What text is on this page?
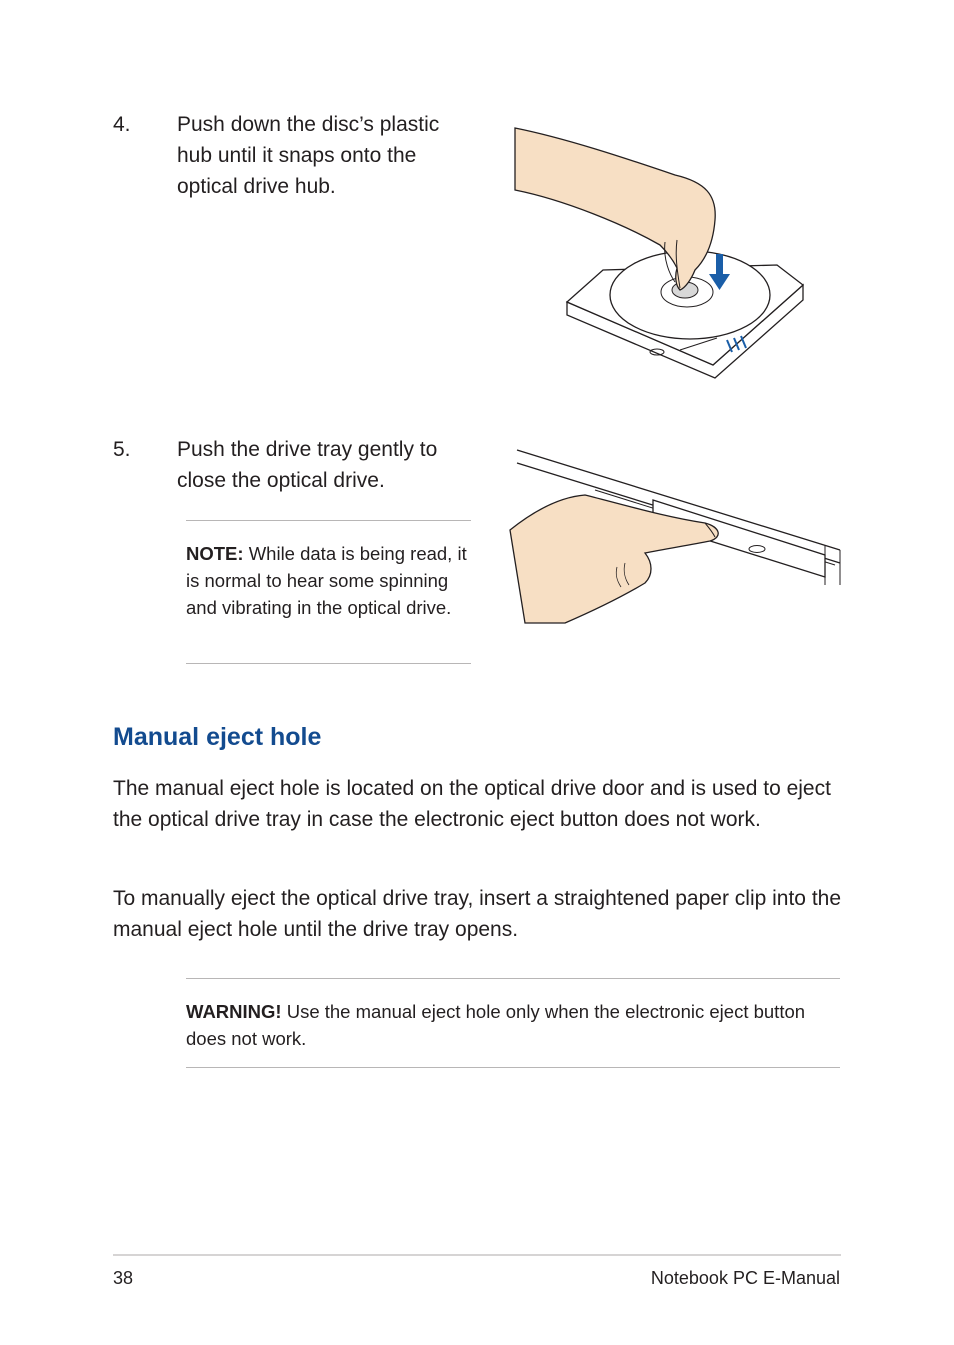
4. Push down the disc’s plastic hub until it snaps onto the optical drive hub.
5. Push the drive tray gently to close the optical drive.
NOTE: While data is being read, it is normal to hear some spinning and vibrating in the optical drive.
Manual eject hole
The manual eject hole is located on the optical drive door and is used to eject the optical drive tray in case the electronic eject button does not work.
To manually eject the optical drive tray, insert a straightened paper clip into the manual eject hole until the drive tray opens.
WARNING! Use the manual eject hole only when the electronic eject button does not work.
38	Notebook PC E-Manual
